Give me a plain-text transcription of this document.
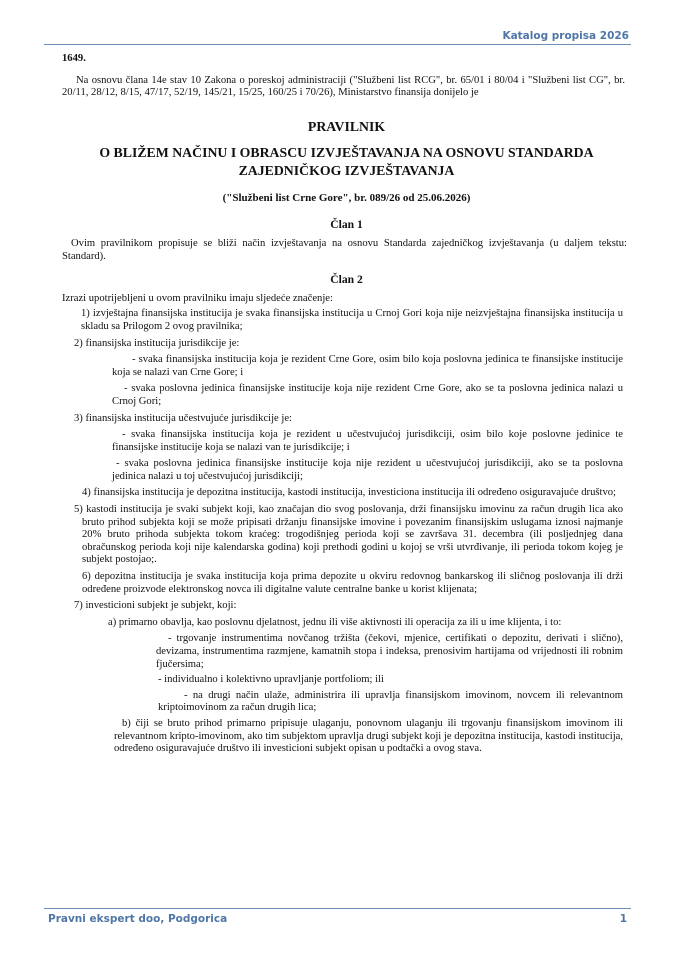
Katalog propisa 2026

1649.

Na osnovu člana 14e stav 10 Zakona o poreskoj administraciji ("Službeni list RCG", br. 65/01 i 80/04 i "Službeni list CG", br. 20/11, 28/12, 8/15, 47/17, 52/19, 145/21, 15/25, 160/25 i 70/26), Ministarstvo finansija donijelo je

PRAVILNIK
O BLIŽEM NAČINU I OBRASCU IZVJEŠTAVANJA NA OSNOVU STANDARDA ZAJEDNIČKOG IZVJEŠTAVANJA
("Službeni list Crne Gore", br. 089/26 od 25.06.2026)
Član 1

Ovim pravilnikom propisuje se bliži način izvještavanja na osnovu Standarda zajedničkog izvještavanja (u daljem tekstu: Standard).

Član 2

Izrazi upotrijebljeni u ovom pravilniku imaju sljedeće značenje:

1) izvještajna finansijska institucija je svaka finansijska institucija u Crnoj Gori koja nije neizvještajna finansijska institucija u skladu sa Prilogom 2 ovog pravilnika;

2) finansijska institucija jurisdikcije je:

- svaka finansijska institucija koja je rezident Crne Gore, osim bilo koja poslovna jedinica te finansijske institucije koja se nalazi van Crne Gore; i

- svaka poslovna jedinica finansijske institucije koja nije rezident Crne Gore, ako se ta poslovna jedinica nalazi u Crnoj Gori;

3) finansijska institucija učestvujuće jurisdikcije je:

- svaka finansijska institucija koja je rezident u učestvujućoj jurisdikciji, osim bilo koje poslovne jedinice te finansijske institucije koja se nalazi van te jurisdikcije; i

- svaka poslovna jedinica finansijske institucije koja nije rezident u učestvujućoj jurisdikciji, ako se ta poslovna jedinica nalazi u toj učestvujućoj jurisdikciji;

4) finansijska institucija je depozitna institucija, kastodi institucija, investiciona institucija ili određeno osiguravajuće društvo;

5) kastodi institucija je svaki subjekt koji, kao značajan dio svog poslovanja, drži finansijsku imovinu za račun drugih lica ako bruto prihod subjekta koji se može pripisati držanju finansijske imovine i povezanim finansijskim uslugama iznosi najmanje 20% bruto prihoda subjekta tokom kraćeg: trogodišnjeg perioda koji se završava 31. decembra (ili posljednjeg dana obračunskog perioda koji nije kalendarska godina) koji prethodi godini u kojoj se vrši utvrđivanje, ili perioda tokom kojeg je subjekt postojao;.

6) depozitna institucija je svaka institucija koja prima depozite u okviru redovnog bankarskog ili sličnog poslovanja ili drži određene proizvode elektronskog novca ili digitalne valute centralne banke u korist klijenata;

7) investicioni subjekt je subjekt, koji:

a) primarno obavlja, kao poslovnu djelatnost, jednu ili više aktivnosti ili operacija za ili u ime klijenta, i to:

- trgovanje instrumentima novčanog tržišta (čekovi, mjenice, certifikati o depozitu, derivati i slično), devizama, instrumentima razmjene, kamatnih stopa i indeksa, prenosivim hartijama od vrijednosti ili robnim fjučersima;

- individualno i kolektivno upravljanje portfoliom; ili

- na drugi način ulaže, administrira ili upravlja finansijskom imovinom, novcem ili relevantnom kriptoimovinom za račun drugih lica;

b) čiji se bruto prihod primarno pripisuje ulaganju, ponovnom ulaganju ili trgovanju finansijskom imovinom ili relevantnom kripto-imovinom, ako tim subjektom upravlja drugi subjekt koji je depozitna institucija, kastodi institucija, određeno osiguravajuće društvo ili investicioni subjekt opisan u podtački a ovog stava.

Pravni ekspert doo, Podgorica	1
